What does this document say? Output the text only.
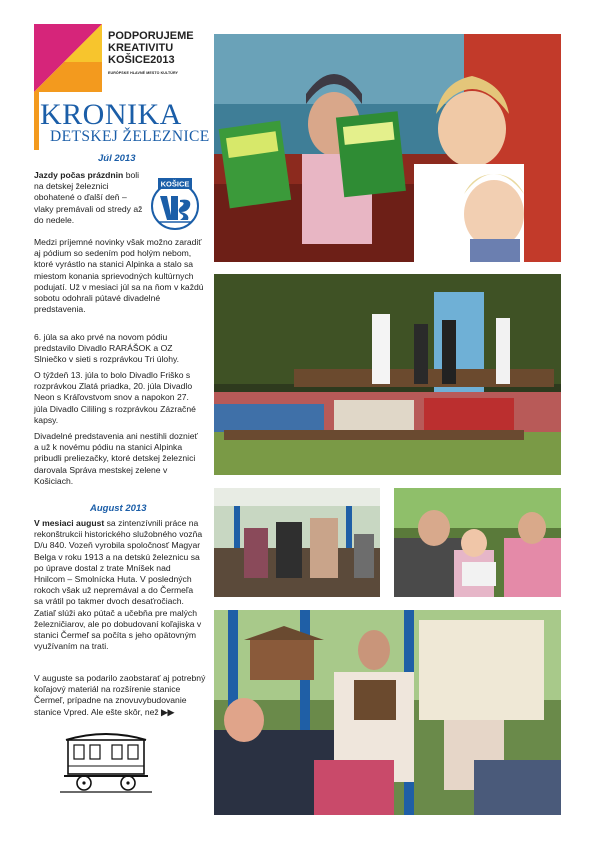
PODPORUJEME
KREATIVITU
KOŠICE2013
EURÓPSKE HLAVNÉ MESTO KULTÚRY
KRONIKA
DETSKEJ ŽELEZNICE
Júl 2013
Jazdy počas prázdnin boli na detskej železnici obohatené o ďalší deň – vlaky premávali od stredy až do nedele.
KOŠICE
Medzi príjemné novinky však možno zaradiť aj pódium so sedením pod holým nebom, ktoré vyrástlo na stanici Alpinka a stalo sa miestom konania sprievodných kultúrnych podujatí. Už v mesiaci júl sa na ňom v každú sobotu odohrali pútavé divadelné predstavenia.
6. júla sa ako prvé na novom pódiu predstavilo Divadlo RARÁŠOK a OZ Slniečko v sieti s rozprávkou Tri úlohy.
O týždeň 13. júla to bolo Divadlo Friško s rozprávkou Zlatá priadka, 20. júla Divadlo Neon s Kráľovstvom snov a napokon 27. júla Divadlo Cililing s rozprávkou Zázračné kapsy.
Divadelné predstavenia ani nestihli doznieť a už k novému pódiu na stanici Alpinka pribudli preliezačky, ktoré detskej železnici darovala Správa mestskej zelene v Košiciach.
August 2013
V mesiaci august sa zintenzívnili práce na rekonštrukcii historického služobného vozňa D/u 840. Vozeň vyrobila spoločnosť Magyar Belga v roku 1913 a na detskú železnicu sa po úprave dostal z trate Mníšek nad Hnilcom – Smolnícka Huta. V posledných rokoch však už nepremával a do Čermeľa sa vrátil po takmer dvoch desaťročiach. Zatiaľ slúži ako pútač a učebňa pre malých železničiarov, ale po dobudovaní koľajiska v stanici Čermeľ sa počíta s jeho opätovným využívaním na trati.
V auguste sa podarilo zaobstarať aj potrebný koľajový materiál na rozšírenie stanice Čermeľ, prípadne na znovuvybudovanie stanice Vpred. Ale ešte skôr, než ▶▶
